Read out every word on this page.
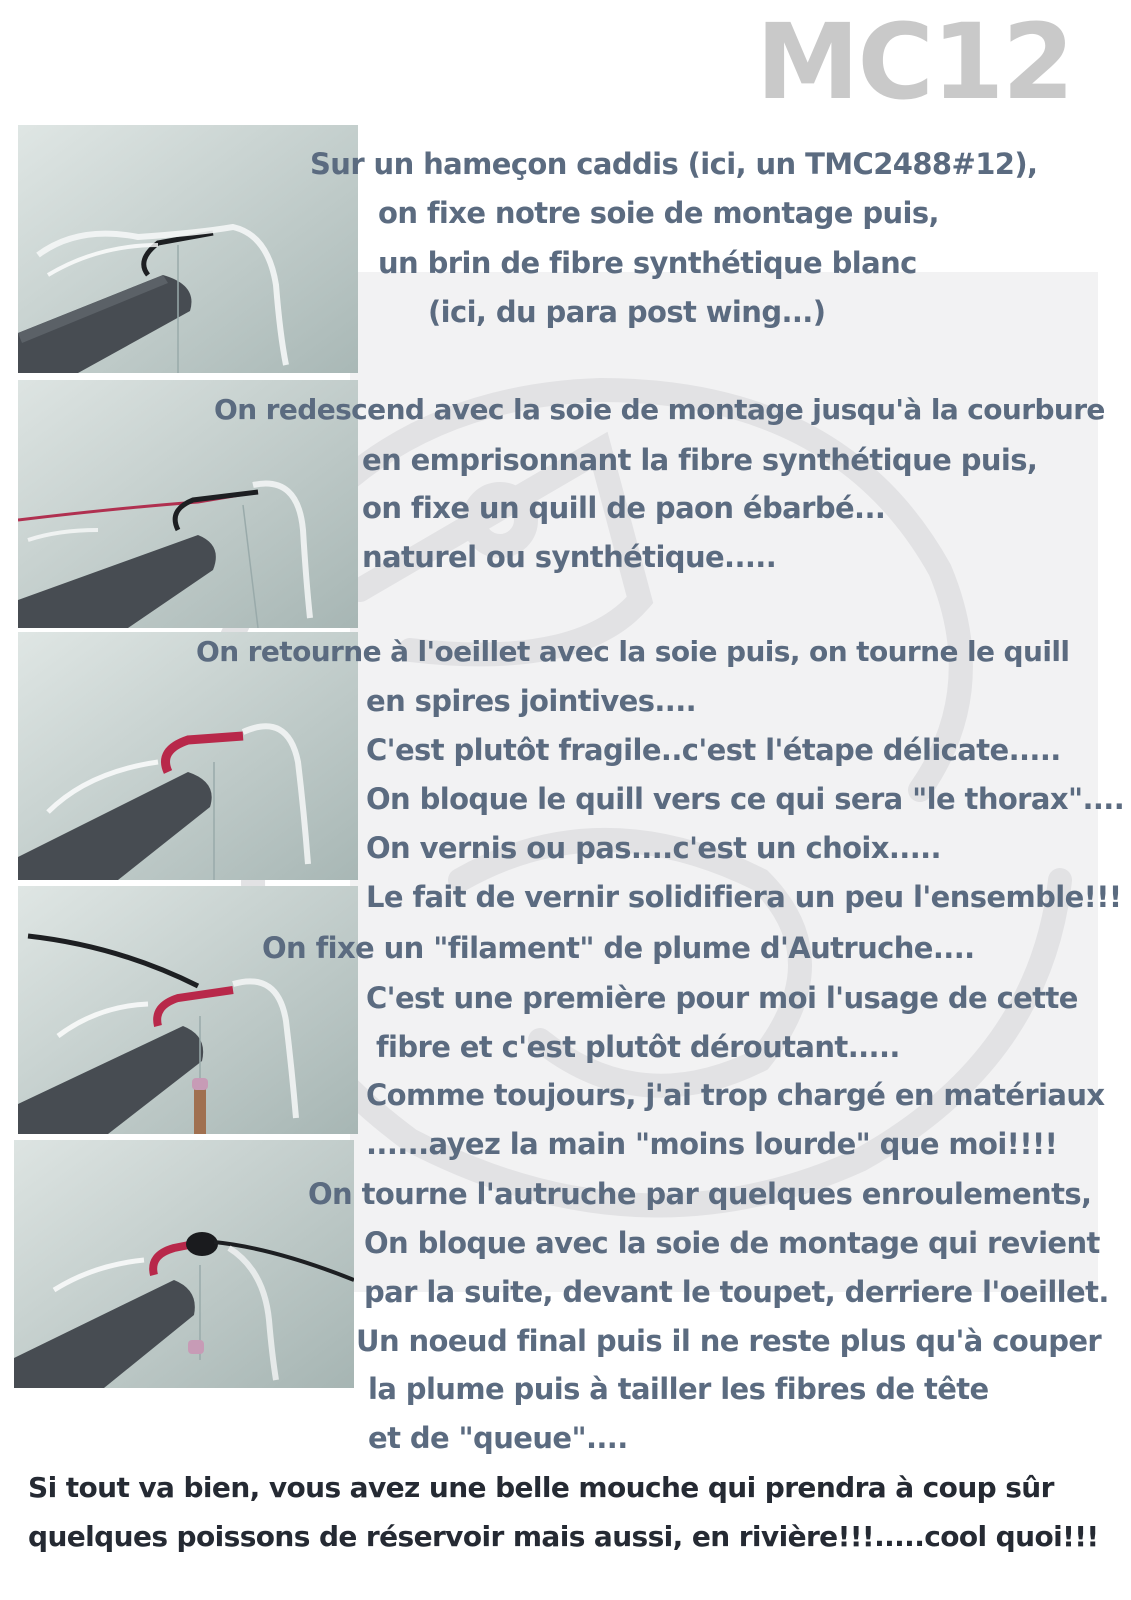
MC12
Sur un hameçon caddis (ici, un TMC2488#12),
on fixe notre soie de montage puis,
un brin de fibre synthétique blanc
(ici, du para post wing...)
On redescend avec la soie de montage jusqu'à la courbure
en emprisonnant la fibre synthétique puis,
on fixe un quill de paon ébarbé...
naturel ou synthétique.....
On retourne à l'oeillet avec la soie puis, on tourne le quill
en spires jointives....
C'est plutôt fragile..c'est l'étape délicate.....
On bloque le quill vers ce qui sera "le thorax"....
On vernis ou pas....c'est un choix.....
Le fait de vernir solidifiera un peu l'ensemble!!!
On fixe un "filament" de plume d'Autruche....
C'est une première pour moi l'usage de cette
fibre et c'est plutôt déroutant.....
Comme toujours, j'ai trop chargé en matériaux
......ayez la main "moins lourde" que moi!!!!
On tourne l'autruche par quelques enroulements,
On bloque avec la soie de montage qui revient
par la suite, devant le toupet, derriere l'oeillet.
Un noeud final puis il ne reste plus qu'à couper
la plume puis à tailler les fibres de tête
et de "queue"....
Si tout va bien, vous avez une belle mouche qui prendra à coup sûr
quelques poissons de réservoir mais aussi, en rivière!!!.....cool quoi!!!
